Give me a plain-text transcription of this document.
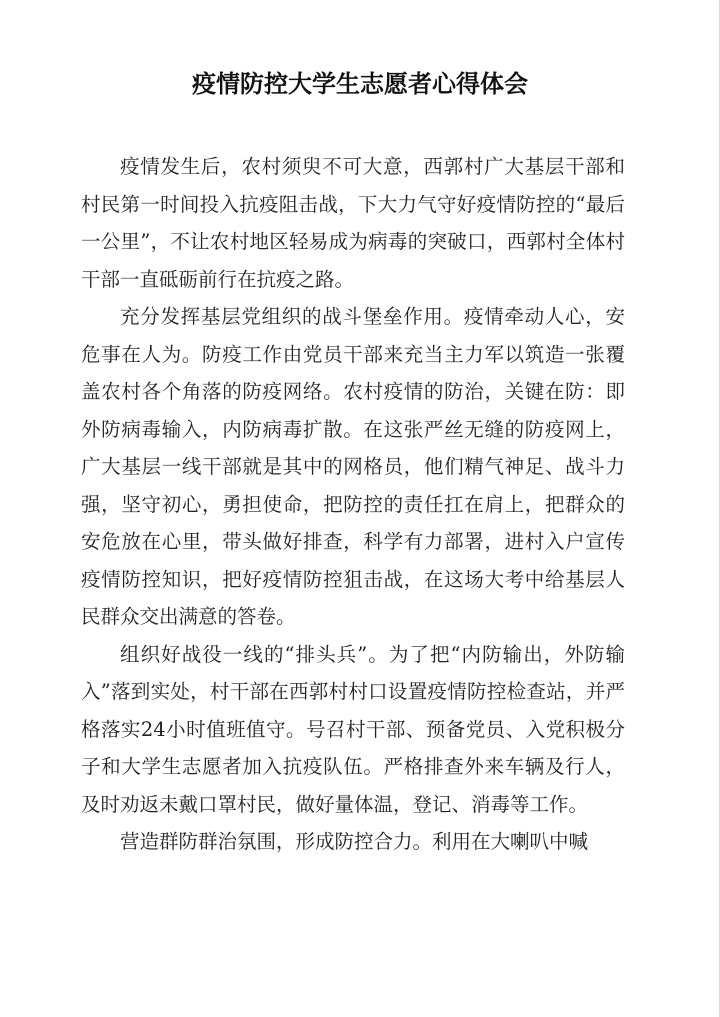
疫情防控大学生志愿者心得体会

疫情发生后，农村须臾不可大意，西郭村广大基层干部和村民第一时间投入抗疫阻击战，下大力气守好疫情防控的“最后一公里”，不让农村地区轻易成为病毒的突破口，西郭村全体村干部一直砥砺前行在抗疫之路。

充分发挥基层党组织的战斗堡垒作用。疫情牵动人心，安危事在人为。防疫工作由党员干部来充当主力军以筑造一张覆盖农村各个角落的防疫网络。农村疫情的防治，关键在防：即外防病毒输入，内防病毒扩散。在这张严丝无缝的防疫网上，广大基层一线干部就是其中的网格员，他们精气神足、战斗力强，坚守初心，勇担使命，把防控的责任扛在肩上，把群众的安危放在心里，带头做好排查，科学有力部署，进村入户宣传疫情防控知识，把好疫情防控狙击战，在这场大考中给基层人民群众交出满意的答卷。

组织好战役一线的“排头兵”。为了把“内防输出，外防输入”落到实处，村干部在西郭村村口设置疫情防控检查站，并严格落实24小时值班值守。号召村干部、预备党员、入党积极分子和大学生志愿者加入抗疫队伍。严格排查外来车辆及行人，及时劝返未戴口罩村民，做好量体温，登记、消毒等工作。

营造群防群治氛围，形成防控合力。利用在大喇叭中喊
